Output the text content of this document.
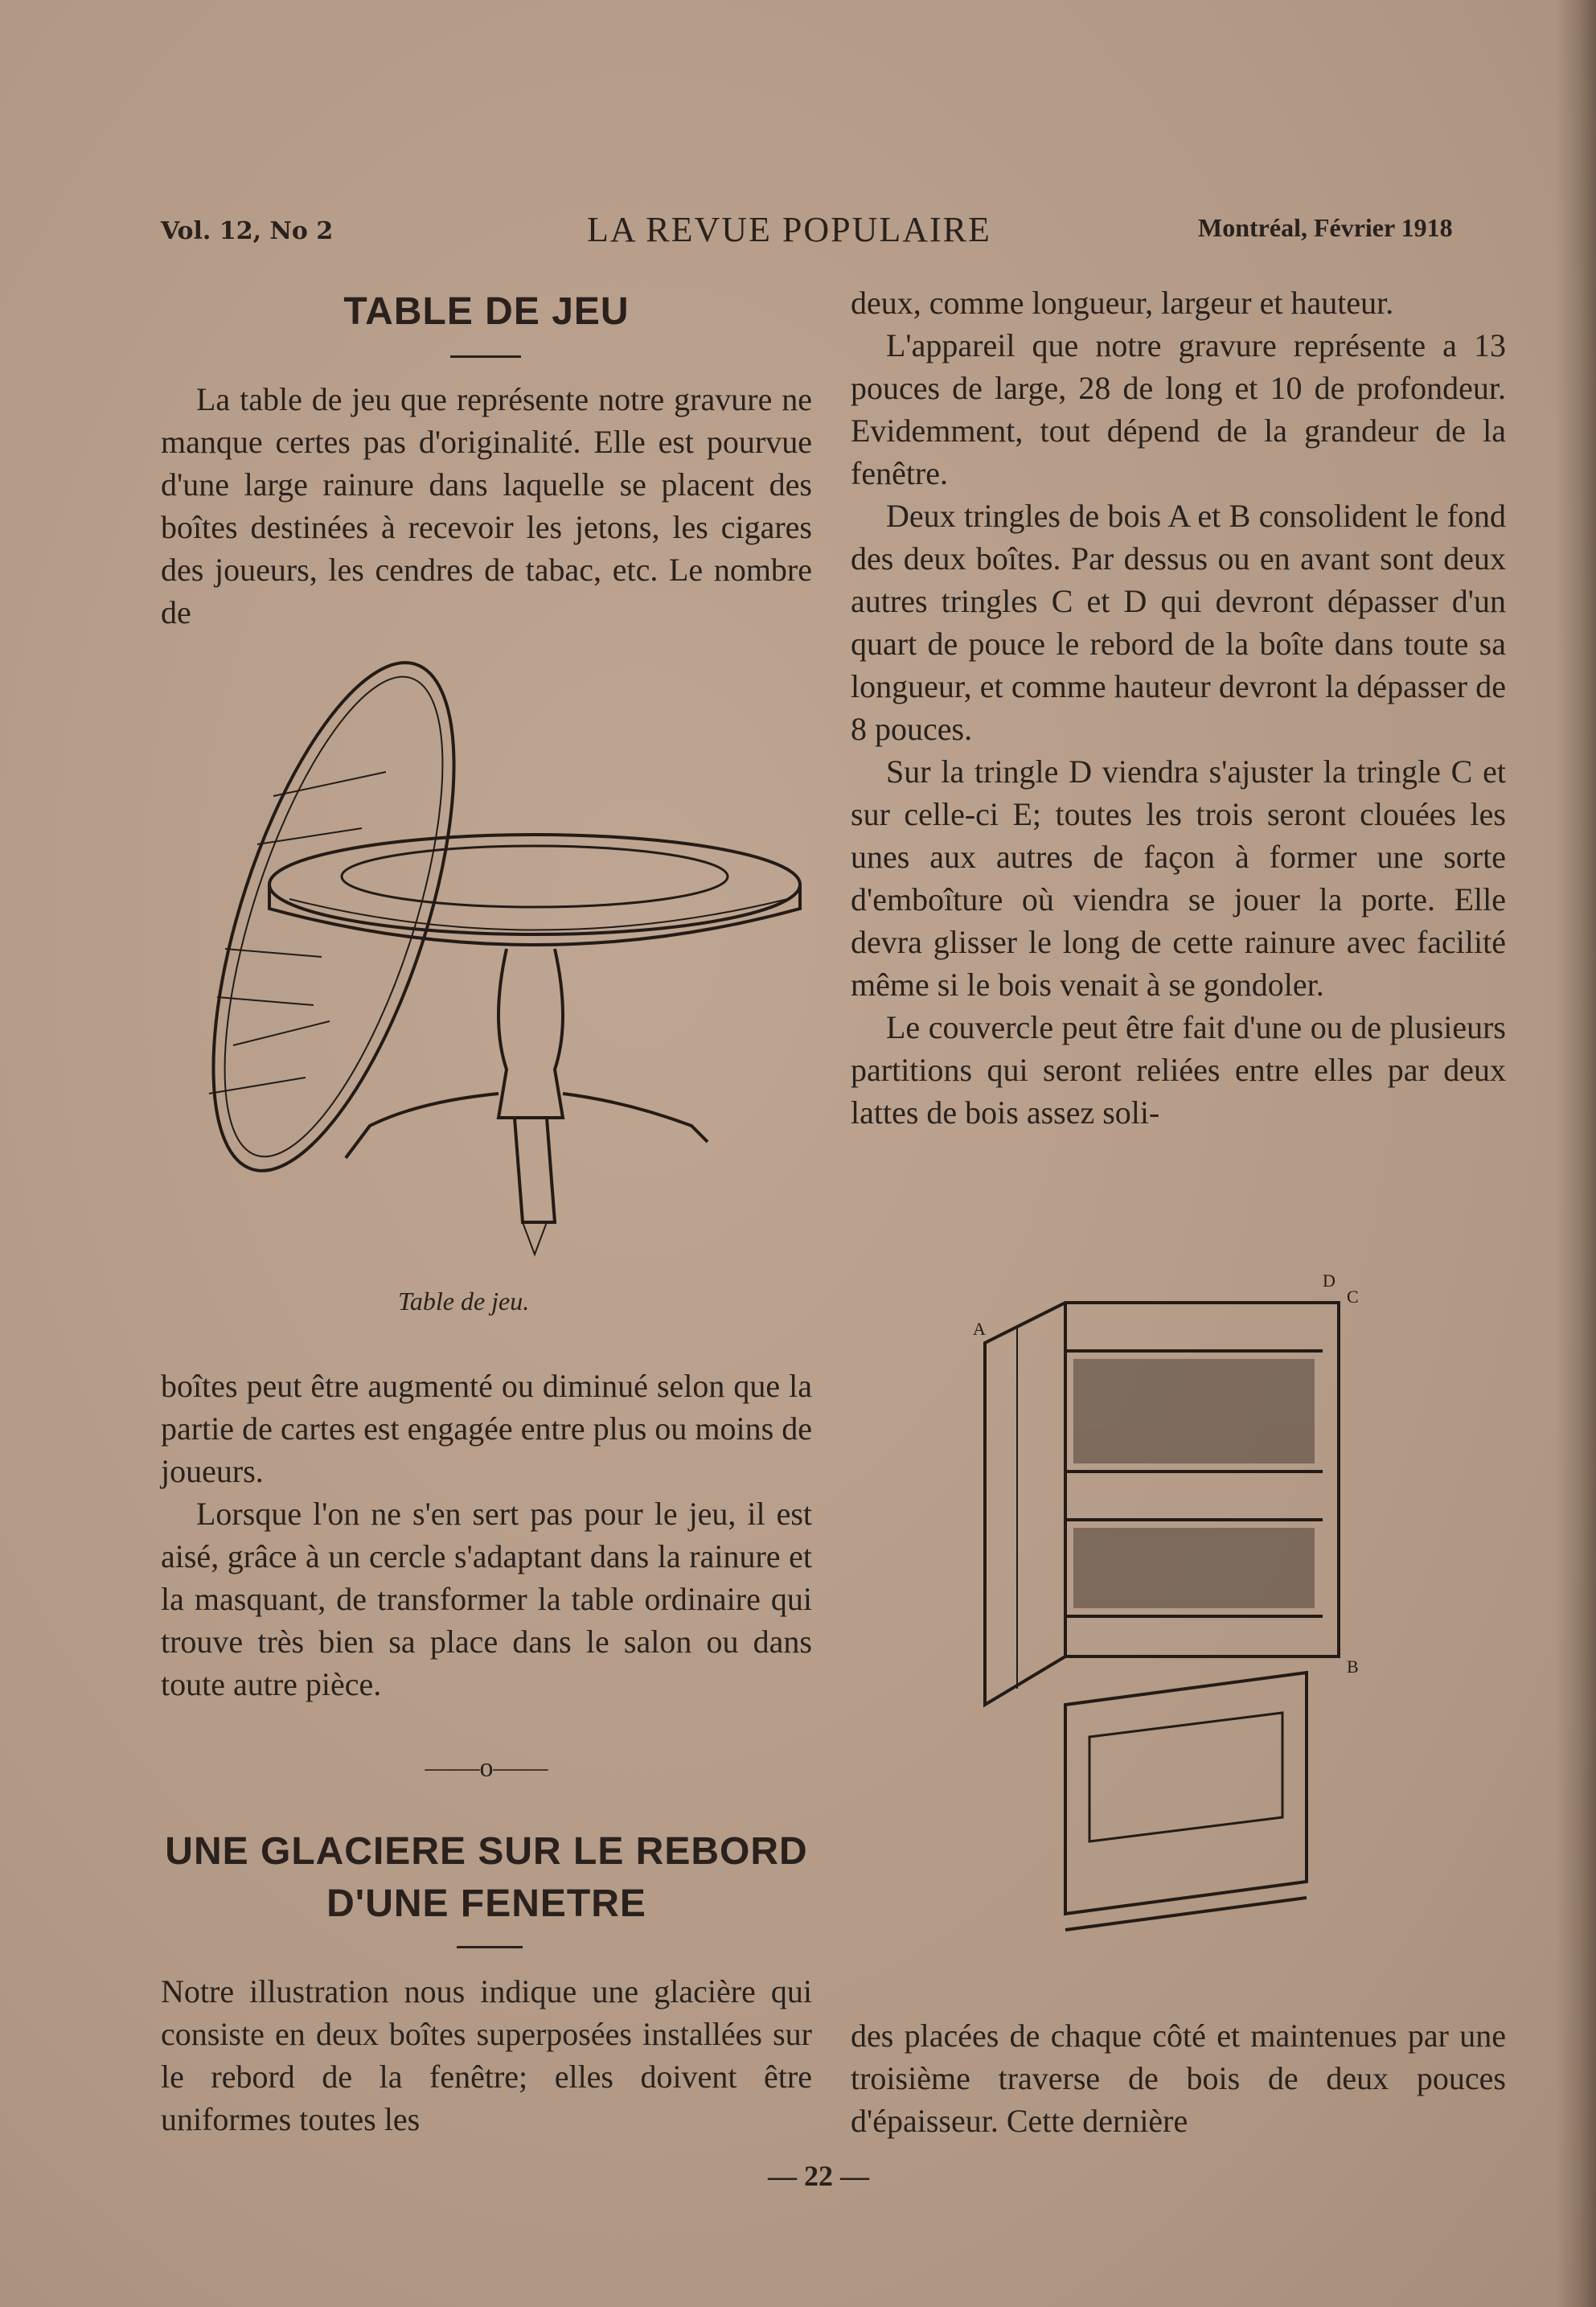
Vol. 12, No 2	LA REVUE POPULAIRE	Montréal, Février 1918
TABLE DE JEU

La table de jeu que représente notre gravure ne manque certes pas d'originalité. Elle est pourvue d'une large rainure dans laquelle se placent des boîtes destinées à recevoir les jetons, les cigares des joueurs, les cendres de tabac, etc. Le nombre de

Table de jeu.

boîtes peut être augmenté ou diminué selon que la partie de cartes est engagée entre plus ou moins de joueurs.

Lorsque l'on ne s'en sert pas pour le jeu, il est aisé, grâce à un cercle s'adaptant dans la rainure et la masquant, de transformer la table ordinaire qui trouve très bien sa place dans le salon ou dans toute autre pièce.

——o——
UNE GLACIERE SUR LE REBORD
D'UNE FENETRE

Notre illustration nous indique une glacière qui consiste en deux boîtes superposées installées sur le rebord de la fenêtre; elles doivent être uniformes toutes les

deux, comme longueur, largeur et hauteur.

L'appareil que notre gravure représente a 13 pouces de large, 28 de long et 10 de profondeur. Evidemment, tout dépend de la grandeur de la fenêtre.

Deux tringles de bois A et B consolident le fond des deux boîtes. Par dessus ou en avant sont deux autres tringles C et D qui devront dépasser d'un quart de pouce le rebord de la boîte dans toute sa longueur, et comme hauteur devront la dépasser de 8 pouces.

Sur la tringle D viendra s'ajuster la tringle C et sur celle-ci E; toutes les trois seront clouées les unes aux autres de façon à former une sorte d'emboîture où viendra se jouer la porte. Elle devra glisser le long de cette rainure avec facilité même si le bois venait à se gondoler.

Le couvercle peut être fait d'une ou de plusieurs partitions qui seront reliées entre elles par deux lattes de bois assez soli-

A
B
C
D

des placées de chaque côté et maintenues par une troisième traverse de bois de deux pouces d'épaisseur. Cette dernière

— 22 —
